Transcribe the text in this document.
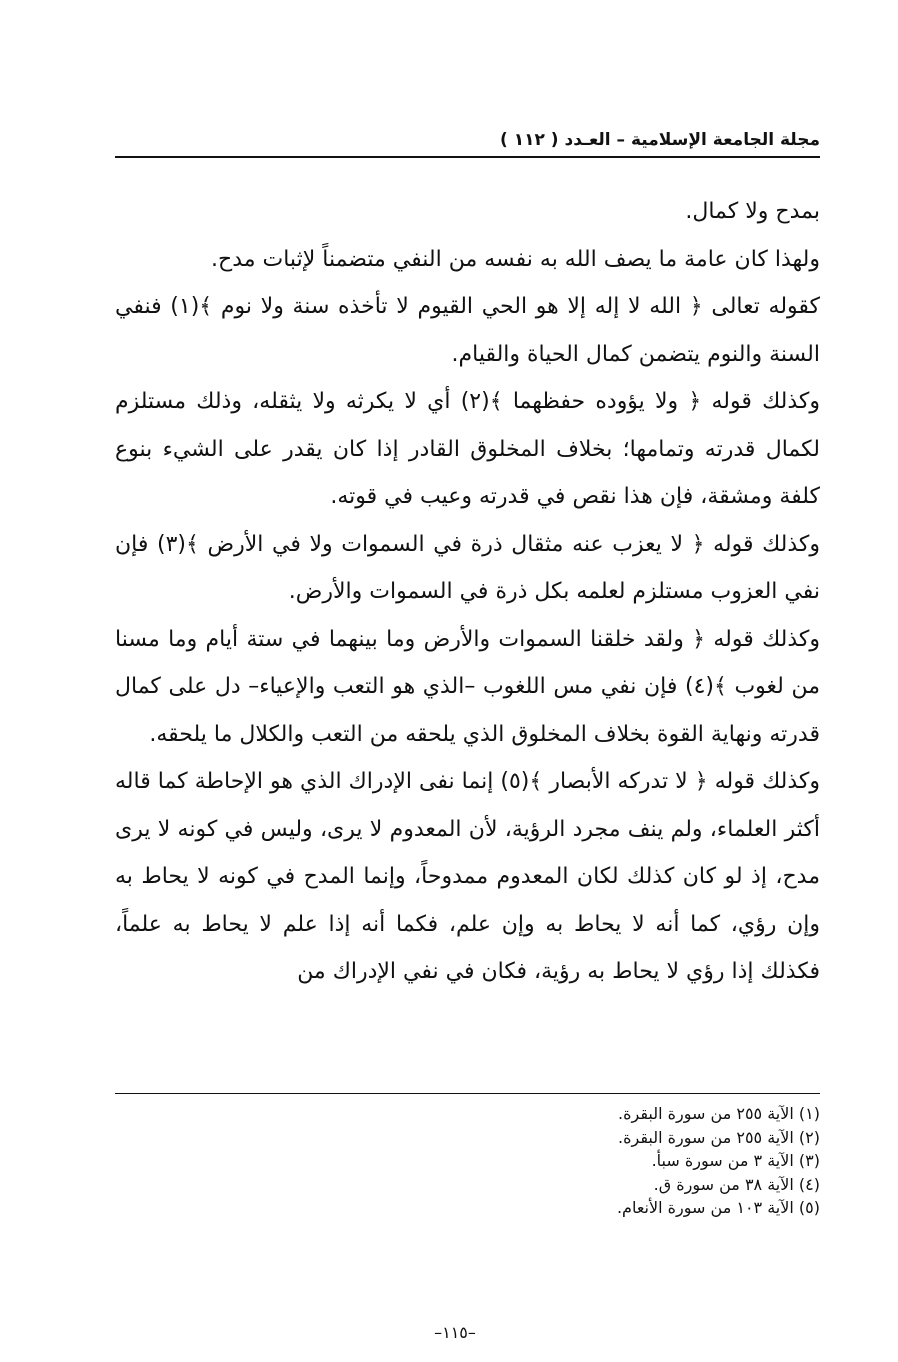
مجلة الجامعة الإسلامية – العـدد ( ١١٢ )

بمدح ولا كمال.

ولهذا كان عامة ما يصف الله به نفسه من النفي متضمناً لإثبات مدح.

كقوله تعالى ﴿ الله لا إله إلا هو الحي القيوم لا تأخذه سنة ولا نوم ﴾(١) فنفي السنة والنوم يتضمن كمال الحياة والقيام.

وكذلك قوله ﴿ ولا يؤوده حفظهما ﴾(٢) أي لا يكرثه ولا يثقله، وذلك مستلزم لكمال قدرته وتمامها؛ بخلاف المخلوق القادر إذا كان يقدر على الشيء بنوع كلفة ومشقة، فإن هذا نقص في قدرته وعيب في قوته.

وكذلك قوله ﴿ لا يعزب عنه مثقال ذرة في السموات ولا في الأرض ﴾(٣) فإن نفي العزوب مستلزم لعلمه بكل ذرة في السموات والأرض.

وكذلك قوله ﴿ ولقد خلقنا السموات والأرض وما بينهما في ستة أيام وما مسنا من لغوب ﴾(٤) فإن نفي مس اللغوب –الذي هو التعب والإعياء– دل على كمال قدرته ونهاية القوة بخلاف المخلوق الذي يلحقه من التعب والكلال ما يلحقه.

وكذلك قوله ﴿ لا تدركه الأبصار ﴾(٥) إنما نفى الإدراك الذي هو الإحاطة كما قاله أكثر العلماء، ولم ينف مجرد الرؤية، لأن المعدوم لا يرى، وليس في كونه لا يرى مدح، إذ لو كان كذلك لكان المعدوم ممدوحاً، وإنما المدح في كونه لا يحاط به وإن رؤي، كما أنه لا يحاط به وإن علم، فكما أنه إذا علم لا يحاط به علماً، فكذلك إذا رؤي لا يحاط به رؤية، فكان في نفي الإدراك من

(١) الآية ٢٥٥ من سورة البقرة.
(٢) الآية ٢٥٥ من سورة البقرة.
(٣) الآية ٣ من سورة سبأ.
(٤) الآية ٣٨ من سورة ق.
(٥) الآية ١٠٣ من سورة الأنعام.
–١١٥–
